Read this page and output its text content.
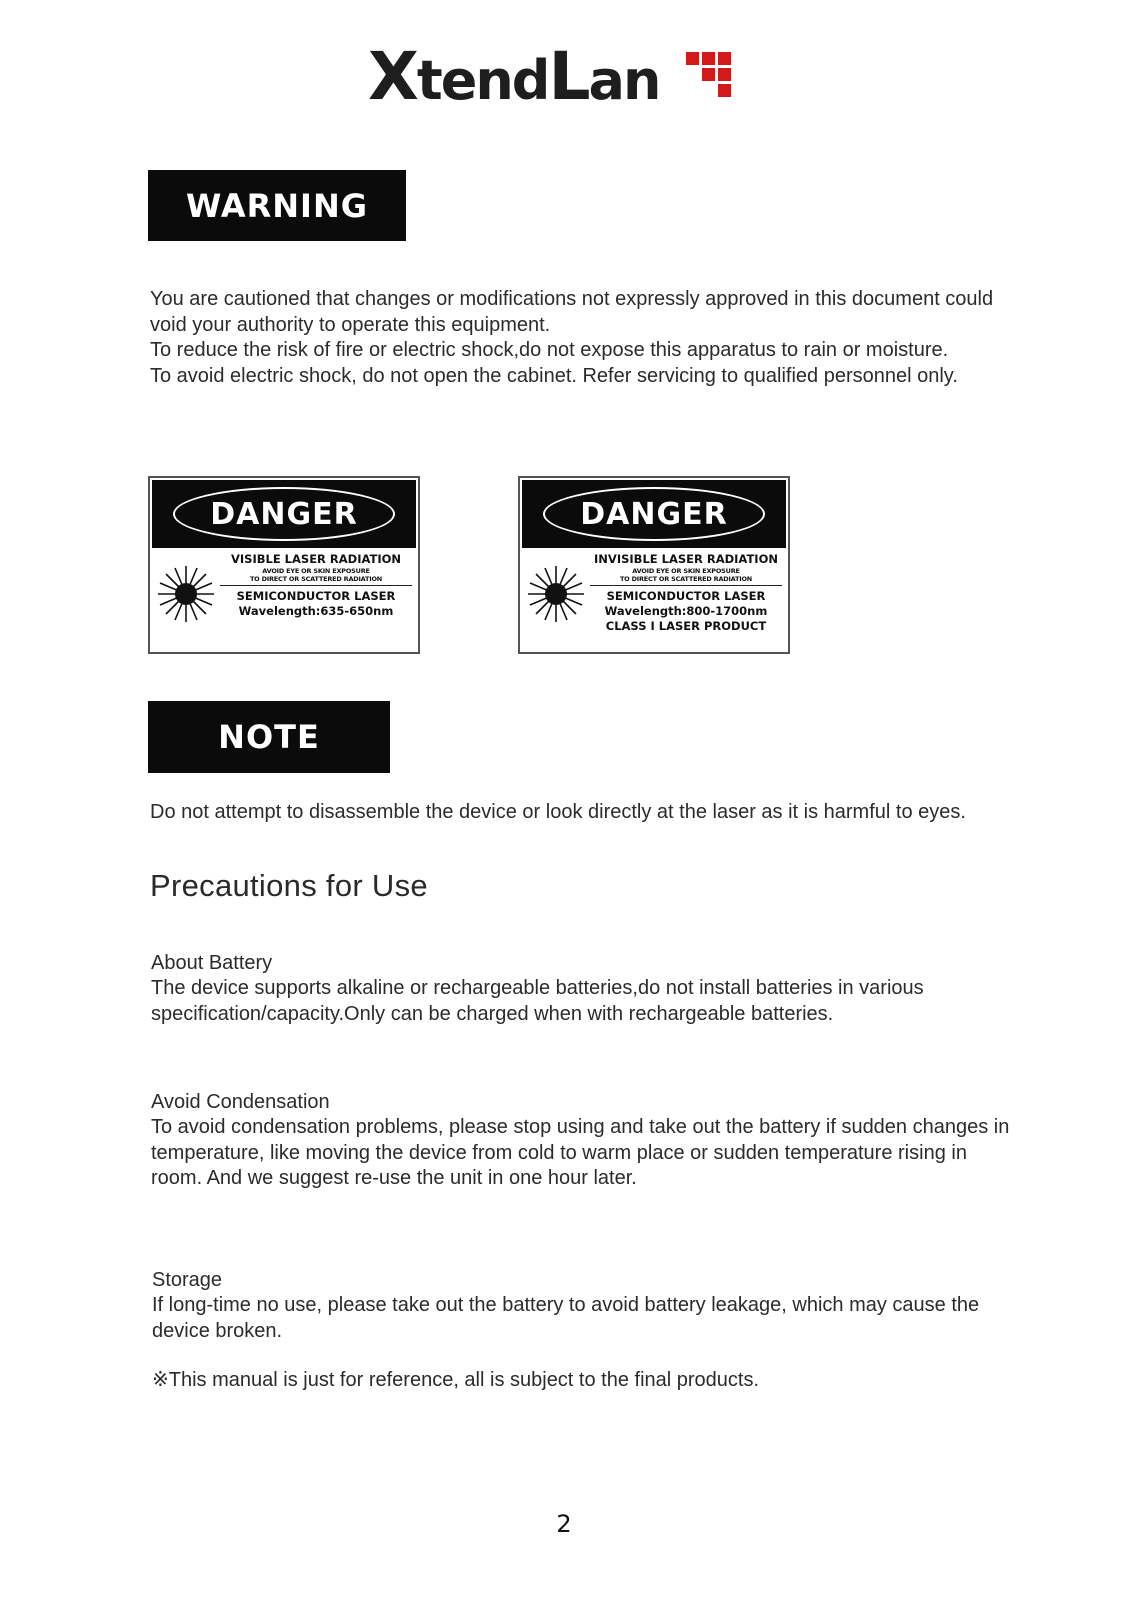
XtendLan
WARNING

You are cautioned that changes or modifications not expressly approved in this document could void your authority to operate this equipment.

To reduce the risk of fire or electric shock,do not expose this apparatus to rain or moisture.

To avoid electric shock, do not open the cabinet. Refer servicing to qualified personnel only.

DANGER
VISIBLE LASER RADIATION
AVOID EYE OR SKIN EXPOSURE
TO DIRECT OR SCATTERED RADIATION
SEMICONDUCTOR LASER
Wavelength:635-650nm
DANGER
INVISIBLE LASER RADIATION
AVOID EYE OR SKIN EXPOSURE
TO DIRECT OR SCATTERED RADIATION
SEMICONDUCTOR LASER
Wavelength:800-1700nm
CLASS I LASER PRODUCT
NOTE

Do not attempt to disassemble the device or look directly at the laser as it is harmful to eyes.

Precautions for Use

About Battery

The device supports alkaline or rechargeable batteries,do not install batteries in various specification/capacity.Only can be charged when with rechargeable batteries.

Avoid Condensation

To avoid condensation problems, please stop using and take out the battery if sudden changes in temperature, like moving the device from cold to warm place or sudden temperature rising in room. And we suggest re-use the unit in one hour later.

Storage

If long-time no use, please take out the battery to avoid battery leakage, which may cause the device broken.

※This manual is just for reference, all is subject to the final products.

2
